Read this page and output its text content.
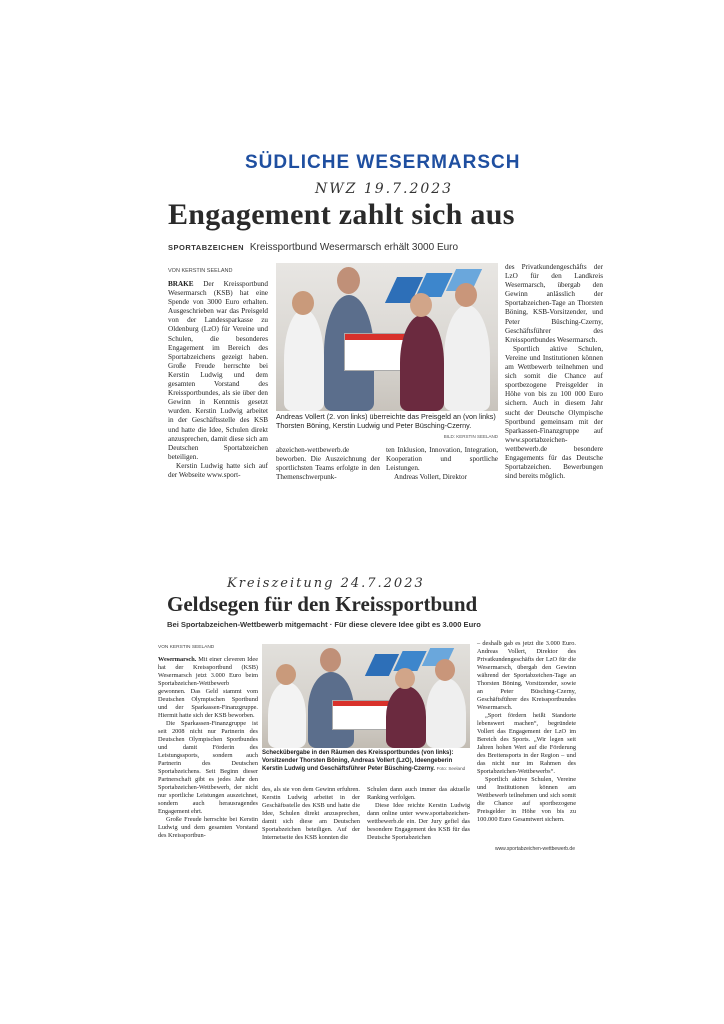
SÜDLICHE WESERMARSCH
NWZ 19.7.2023
Engagement zahlt sich aus
SPORTABZEICHEN Kreissportbund Wesermarsch erhält 3000 Euro
VON KERSTIN SEELAND

BRAKE Der Kreissportbund Wesermarsch (KSB) hat eine Spende von 3000 Euro erhalten. Ausgeschrieben war das Preisgeld von der Landessparkasse zu Oldenburg (LzO) für Vereine und Schulen, die besonderes Engagement im Bereich des Sportabzeichens gezeigt haben. Große Freude herrschte bei Kerstin Ludwig und dem gesamten Vorstand des Kreissportbundes, als sie über den Gewinn in Kenntnis gesetzt wurden. Kerstin Ludwig arbeitet in der Geschäftsstelle des KSB und hatte die Idee, Schulen direkt anzusprechen, damit diese sich am Deutschen Sportabzeichen beteiligen.

Kerstin Ludwig hatte sich auf der Webseite www.sport-

Andreas Vollert (2. von links) überreichte das Preisgeld an (von links) Thorsten Böning, Kerstin Ludwig und Peter Büsching-Czerny.
BILD: KERSTIN SEELAND
abzeichen-wettbewerb.de beworben. Die Auszeichnung der sportlichsten Teams erfolgte in den Themenschwerpunk-

ten Inklusion, Innovation, Integration, Kooperation und sportliche Leistungen.

Andreas Vollert, Direktor

des Privatkundengeschäfts der LzO für den Landkreis Wesermarsch, übergab den Gewinn anlässlich der Sportabzeichen-Tage an Thorsten Böning, KSB-Vorsitzender, und Peter Büsching-Czerny, Geschäftsführer des Kreissportbundes Wesermarsch.

Sportlich aktive Schulen, Vereine und Institutionen können am Wettbewerb teilnehmen und sich somit die Chance auf sportbezogene Preisgelder in Höhe von bis zu 100 000 Euro sichern. Auch in diesem Jahr sucht der Deutsche Olympische Sportbund gemeinsam mit der Sparkassen-Finanzgruppe auf www.sportabzeichen-wettbewerb.de besondere Engagements für das Deutsche Sportabzeichen. Bewerbungen sind bereits möglich.

Kreiszeitung 24.7.2023
Geldsegen für den Kreissportbund
Bei Sportabzeichen-Wettbewerb mitgemacht · Für diese clevere Idee gibt es 3.000 Euro
VON KERSTIN SEELAND

Wesermarsch. Mit einer cleveren Idee hat der Kreissportbund (KSB) Wesermarsch jetzt 3.000 Euro beim Sportabzeichen-Wettbewerb gewonnen. Das Geld stammt vom Deutschen Olympischen Sportbund und der Sparkassen-Finanzgruppe. Hiermit hatte sich der KSB beworben.

Die Sparkassen-Finanzgruppe ist seit 2008 nicht nur Partnerin des Deutschen Olympischen Sportbundes und damit Förderin des Leistungssports, sondern auch Partnerin des Deutschen Sportabzeichens. Seit Beginn dieser Partnerschaft gibt es jedes Jahr den Sportabzeichen-Wettbewerb, der nicht nur sportliche Leistungen auszeichnet, sondern auch herausragendes Engagement ehrt.

Große Freude herrschte bei Kerstin Ludwig und dem gesamten Vorstand des Kreissportbun-

Scheckübergabe in den Räumen des Kreissportbundes (von links): Vorsitzender Thorsten Böning, Andreas Vollert (LzO), Ideengeberin Kerstin Ludwig und Geschäftsführer Peter Büsching-Czerny. Foto: Seeland
des, als sie von dem Gewinn erfuhren. Kerstin Ludwig arbeitet in der Geschäftsstelle des KSB und hatte die Idee, Schulen direkt anzusprechen, damit sich diese am Deutschen Sportabzeichen beteiligen. Auf der Internetseite des KSB konnten die

Schulen dann auch immer das aktuelle Ranking verfolgen.

Diese Idee reichte Kerstin Ludwig dann online unter www.sportabzeichen-wettbewerb.de ein. Der Jury gefiel das besondere Engagement des KSB für das Deutsche Sportabzeichen

– deshalb gab es jetzt die 3.000 Euro. Andreas Vollert, Direktor des Privatkundengeschäfts der LzO für die Wesermarsch, übergab den Gewinn während der Sportabzeichen-Tage an Thorsten Böning, Vorsitzender, sowie an Peter Büsching-Czerny, Geschäftsführer des Kreissportbundes Wesermarsch.

„Sport fördern heißt Standorte lebenswert machen“, begründete Vollert das Engagement der LzO im Bereich des Sports. „Wir legen seit Jahren hohen Wert auf die Förderung des Breitensports in der Region – und das nicht nur im Rahmen des Sportabzeichen-Wettbewerbs“.

Sportlich aktive Schulen, Vereine und Institutionen können am Wettbewerb teilnehmen und sich somit die Chance auf sportbezogene Preisgelder in Höhe von bis zu 100.000 Euro Gesamtwert sichern.

www.sportabzeichen-wettbewerb.de
